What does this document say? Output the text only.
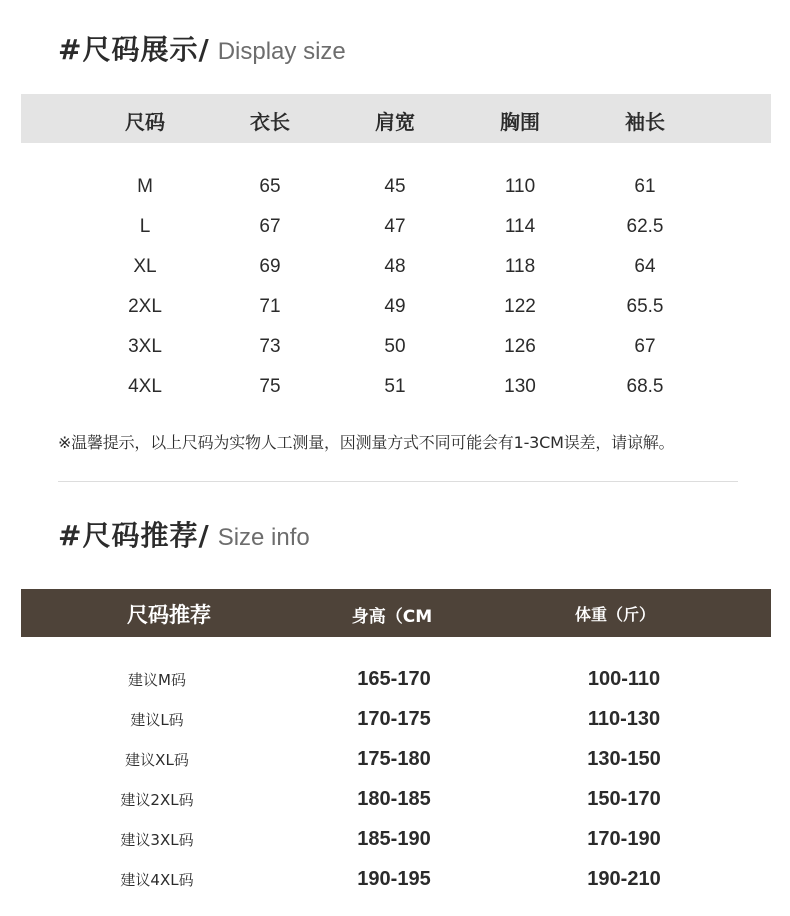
#尺码展示/ Display size
尺码	衣长	肩宽	胸围	袖长
M	65	45	110	61
L	67	47	114	62.5
XL	69	48	118	64
2XL	71	49	122	65.5
3XL	73	50	126	67
4XL	75	51	130	68.5
※温馨提示，以上尺码为实物人工测量，因测量方式不同可能会有1-3CM误差，请谅解。
#尺码推荐/ Size info
尺码推荐	身高（CM	体重（斤）
建议M码	165-170	100-110
建议L码	170-175	110-130
建议XL码	175-180	130-150
建议2XL码	180-185	150-170
建议3XL码	185-190	170-190
建议4XL码	190-195	190-210
